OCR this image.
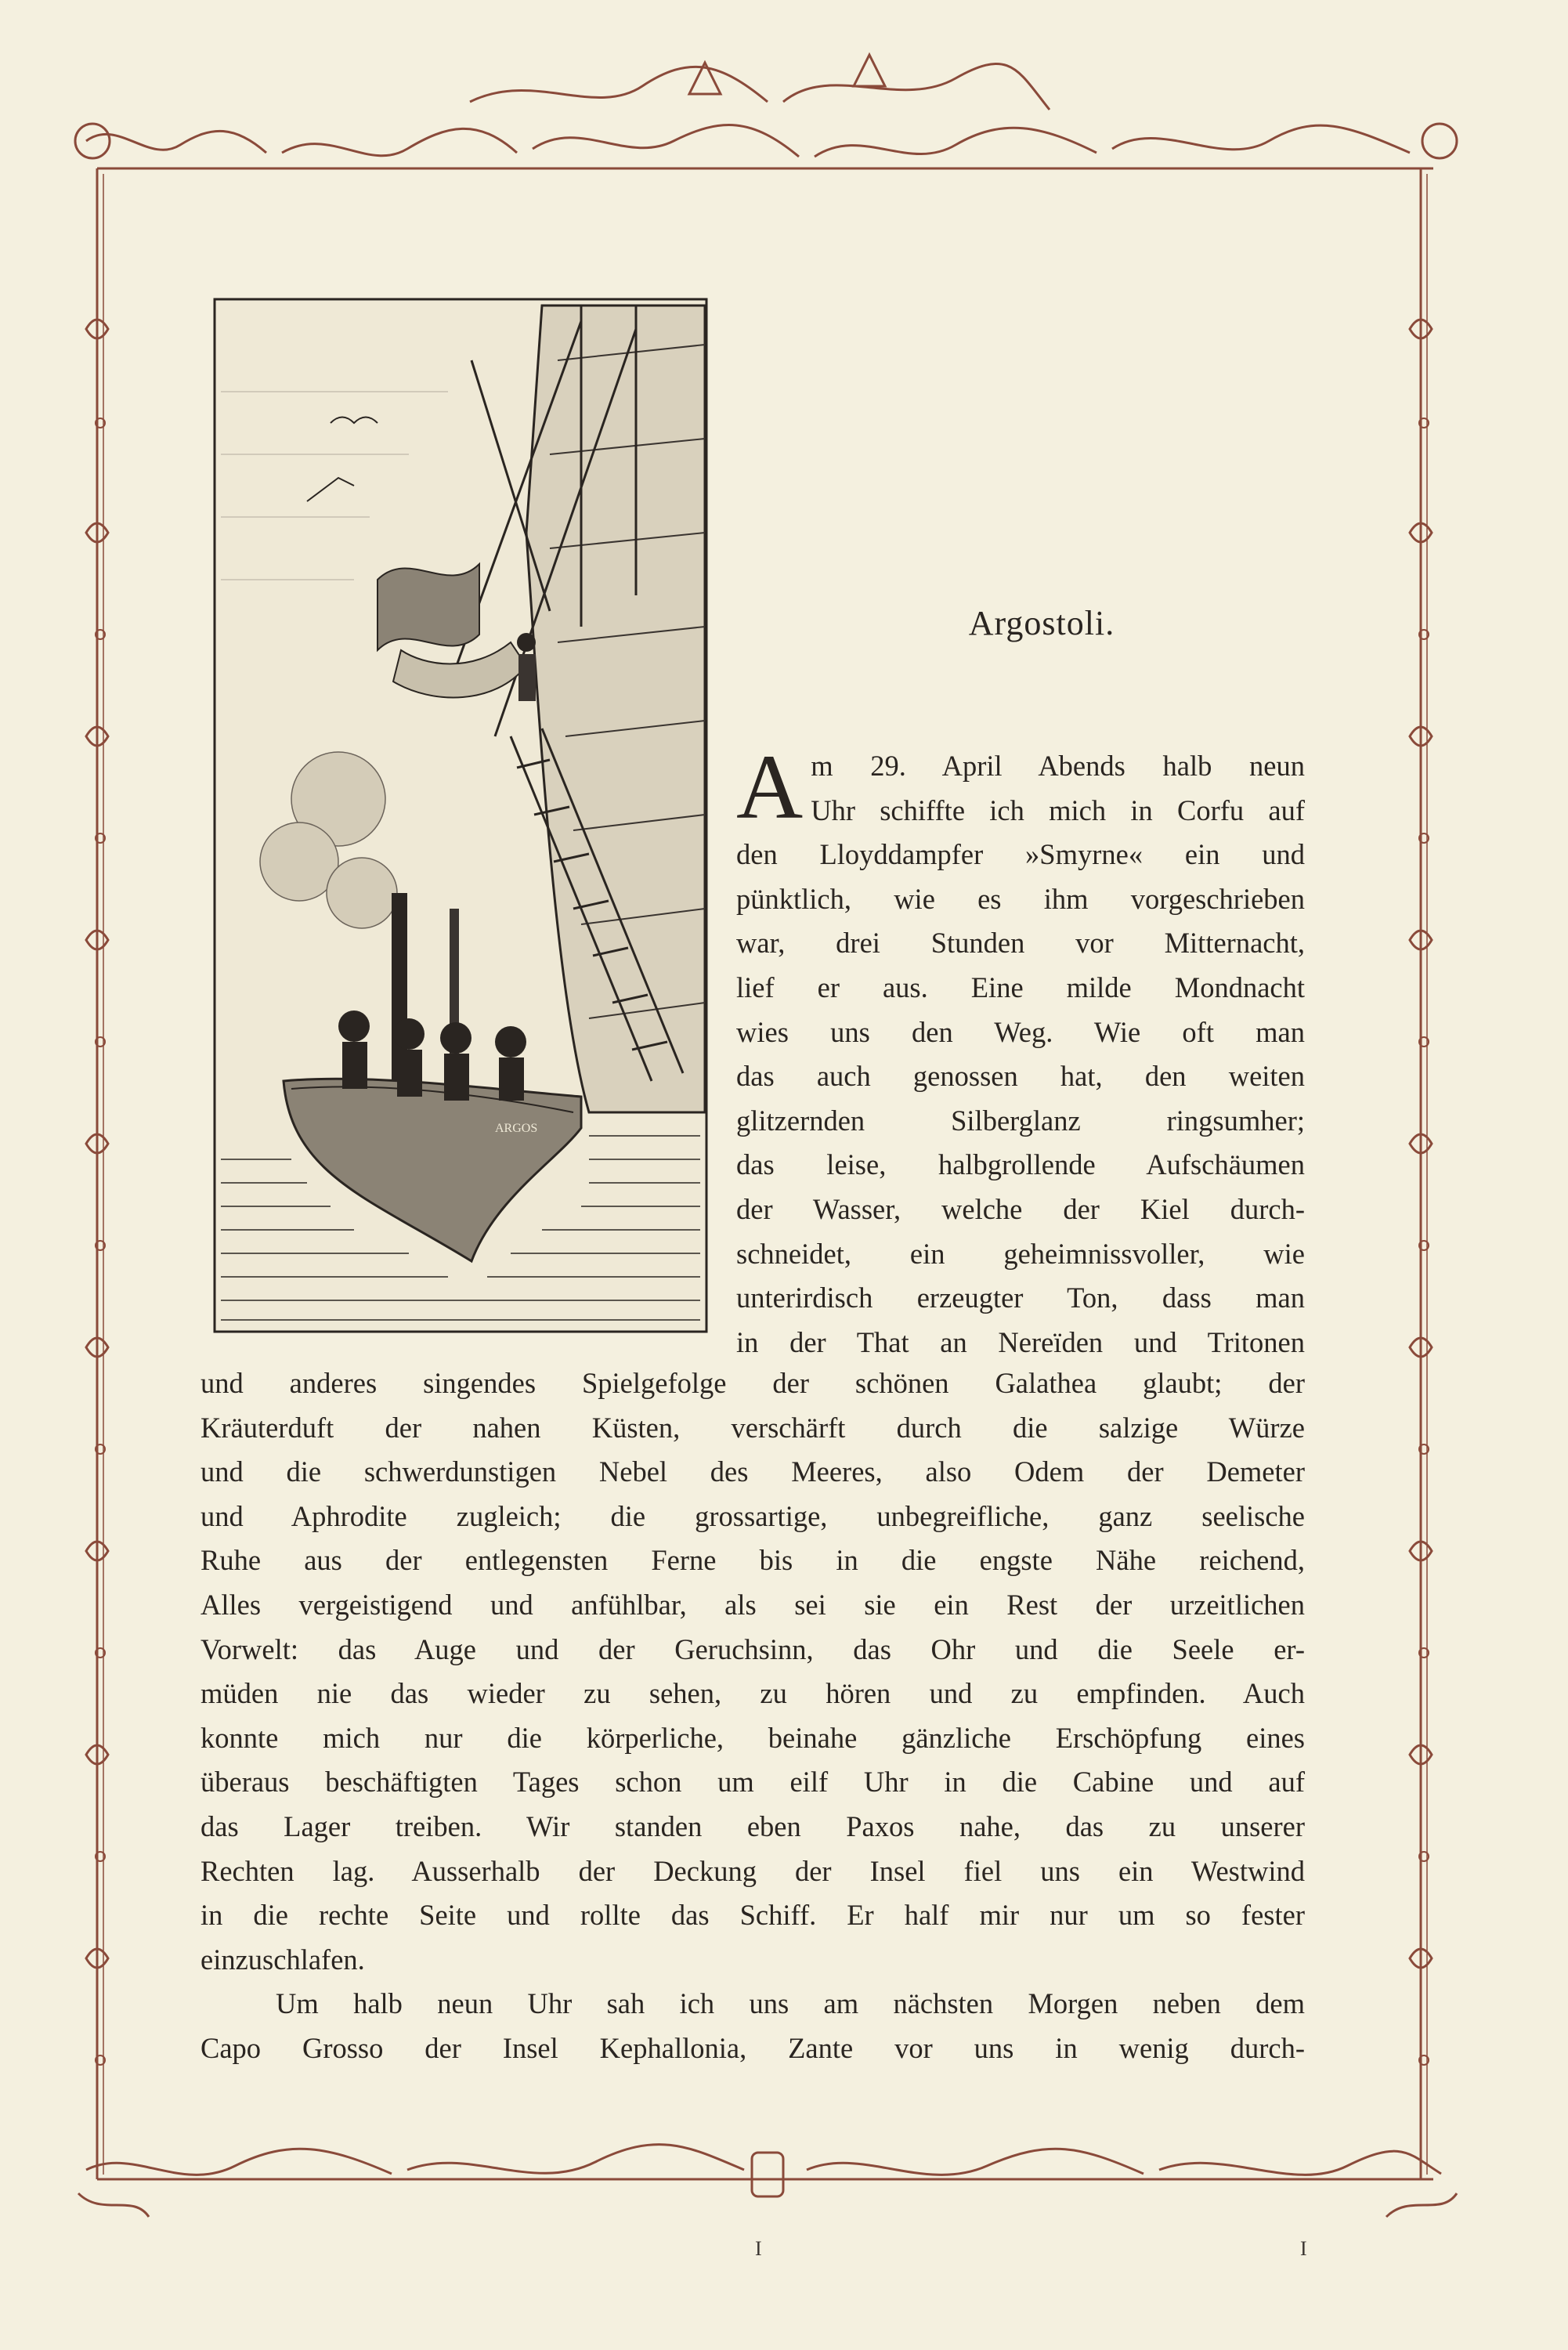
ARGOS
Argostoli.
A m 29. April Abends halb neun
Uhr schiffte ich mich in Corfu auf
den Lloyddampfer »Smyrne« ein und
pünktlich, wie es ihm vorgeschrieben
war, drei Stunden vor Mitternacht,
lief er aus. Eine milde Mondnacht
wies uns den Weg. Wie oft man
das auch genossen hat, den weiten
glitzernden Silberglanz ringsumher;
das leise, halbgrollende Aufschäumen
der Wasser, welche der Kiel durch-
schneidet, ein geheimnissvoller, wie
unterirdisch erzeugter Ton, dass man
in der That an Nereïden und Tritonen
und anderes singendes Spielgefolge der schönen Galathea glaubt; der
Kräuterduft der nahen Küsten, verschärft durch die salzige Würze
und die schwerdunstigen Nebel des Meeres, also Odem der Demeter
und Aphrodite zugleich; die grossartige, unbegreifliche, ganz seelische
Ruhe aus der entlegensten Ferne bis in die engste Nähe reichend,
Alles vergeistigend und anfühlbar, als sei sie ein Rest der urzeitlichen
Vorwelt: das Auge und der Geruchsinn, das Ohr und die Seele er-
müden nie das wieder zu sehen, zu hören und zu empfinden. Auch
konnte mich nur die körperliche, beinahe gänzliche Erschöpfung eines
überaus beschäftigten Tages schon um eilf Uhr in die Cabine und auf
das Lager treiben. Wir standen eben Paxos nahe, das zu unserer
Rechten lag. Ausserhalb der Deckung der Insel fiel uns ein Westwind
in die rechte Seite und rollte das Schiff. Er half mir nur um so fester
einzuschlafen.
Um halb neun Uhr sah ich uns am nächsten Morgen neben dem
Capo Grosso der Insel Kephallonia, Zante vor uns in wenig durch-
I	I
